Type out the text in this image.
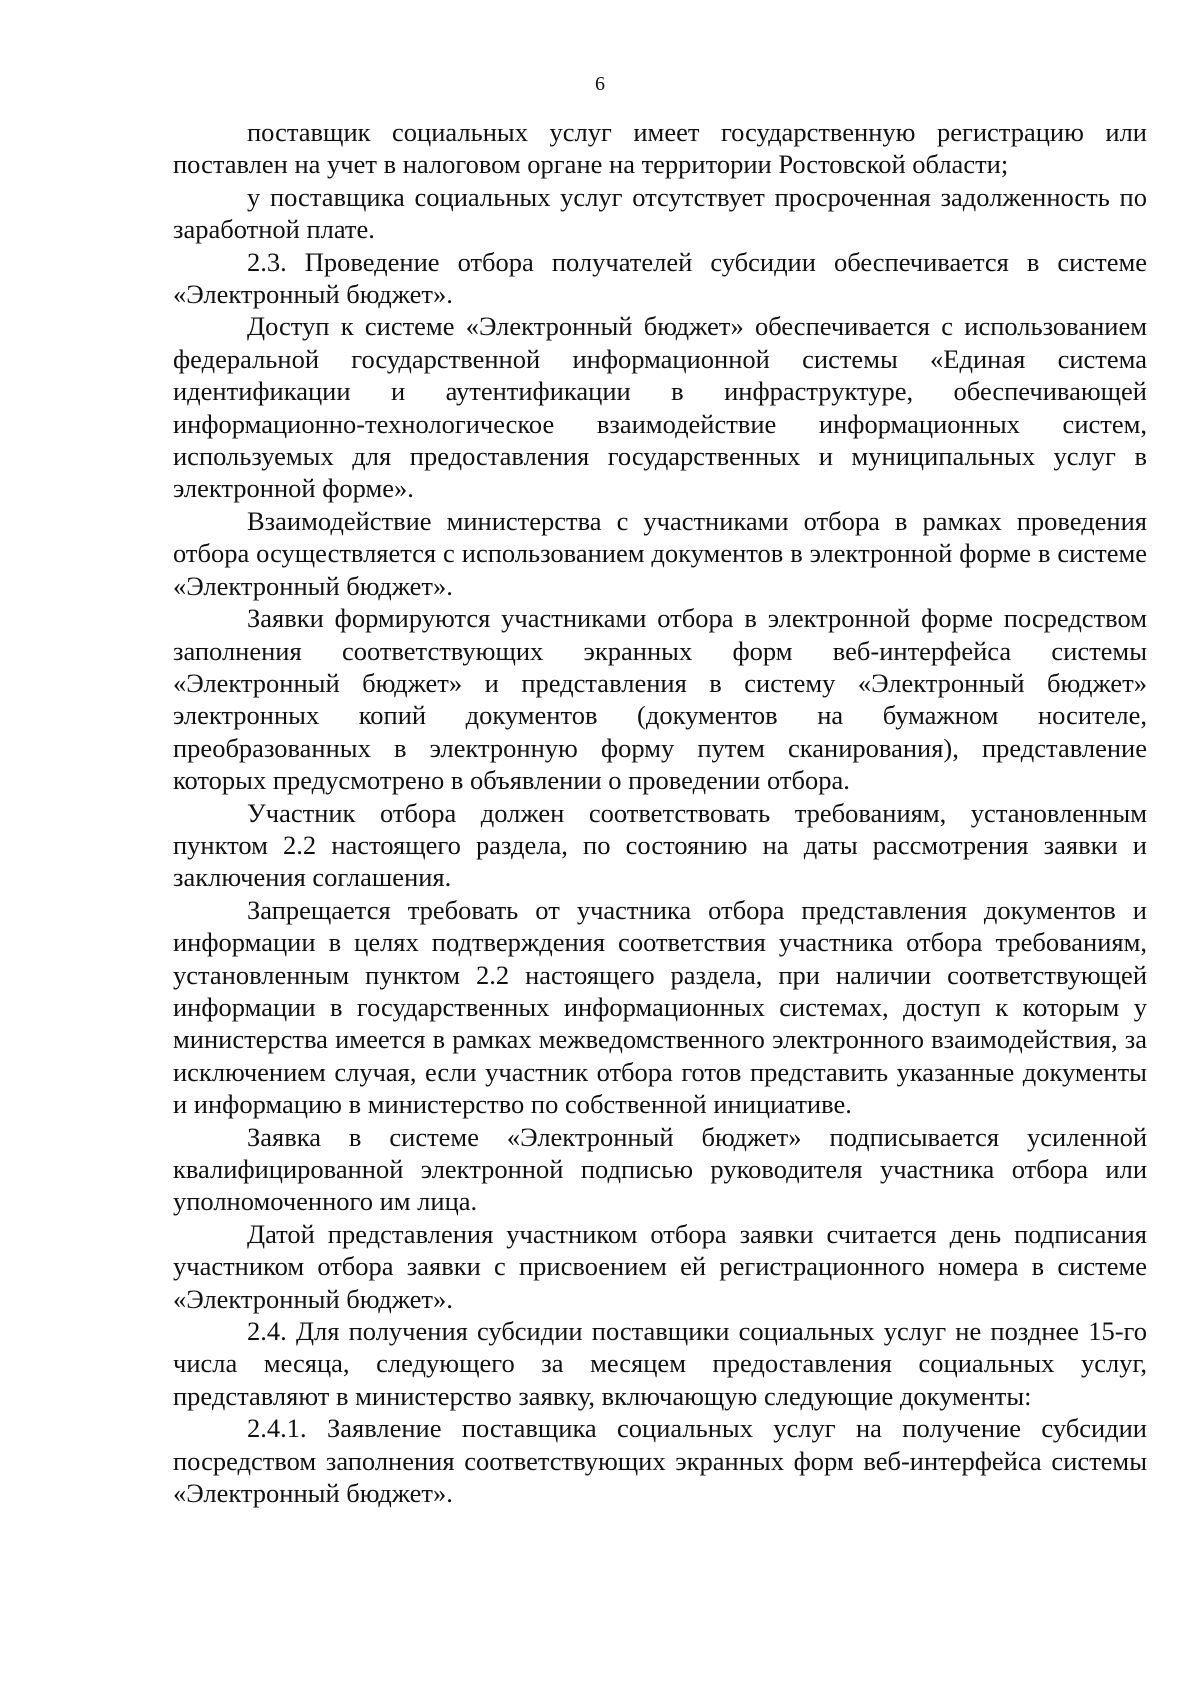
6

поставщик социальных услуг имеет государственную регистрацию или поставлен на учет в налоговом органе на территории Ростовской области;

у поставщика социальных услуг отсутствует просроченная задолженность по заработной плате.

2.3. Проведение отбора получателей субсидии обеспечивается в системе «Электронный бюджет».

Доступ к системе «Электронный бюджет» обеспечивается с использованием федеральной государственной информационной системы «Единая система идентификации и аутентификации в инфраструктуре, обеспечивающей информационно-технологическое взаимодействие информационных систем, используемых для предоставления государственных и муниципальных услуг в электронной форме».

Взаимодействие министерства с участниками отбора в рамках проведения отбора осуществляется с использованием документов в электронной форме в системе «Электронный бюджет».

Заявки формируются участниками отбора в электронной форме посредством заполнения соответствующих экранных форм веб-интерфейса системы «Электронный бюджет» и представления в систему «Электронный бюджет» электронных копий документов (документов на бумажном носителе, преобразованных в электронную форму путем сканирования), представление которых предусмотрено в объявлении о проведении отбора.

Участник отбора должен соответствовать требованиям, установленным пунктом 2.2 настоящего раздела, по состоянию на даты рассмотрения заявки и заключения соглашения.

Запрещается требовать от участника отбора представления документов и информации в целях подтверждения соответствия участника отбора требованиям, установленным пунктом 2.2 настоящего раздела, при наличии соответствующей информации в государственных информационных системах, доступ к которым у министерства имеется в рамках межведомственного электронного взаимодействия, за исключением случая, если участник отбора готов представить указанные документы и информацию в министерство по собственной инициативе.

Заявка в системе «Электронный бюджет» подписывается усиленной квалифицированной электронной подписью руководителя участника отбора или уполномоченного им лица.

Датой представления участником отбора заявки считается день подписания участником отбора заявки с присвоением ей регистрационного номера в системе «Электронный бюджет».

2.4. Для получения субсидии поставщики социальных услуг не позднее 15-го числа месяца, следующего за месяцем предоставления социальных услуг, представляют в министерство заявку, включающую следующие документы:

2.4.1. Заявление поставщика социальных услуг на получение субсидии посредством заполнения соответствующих экранных форм веб-интерфейса системы «Электронный бюджет».
